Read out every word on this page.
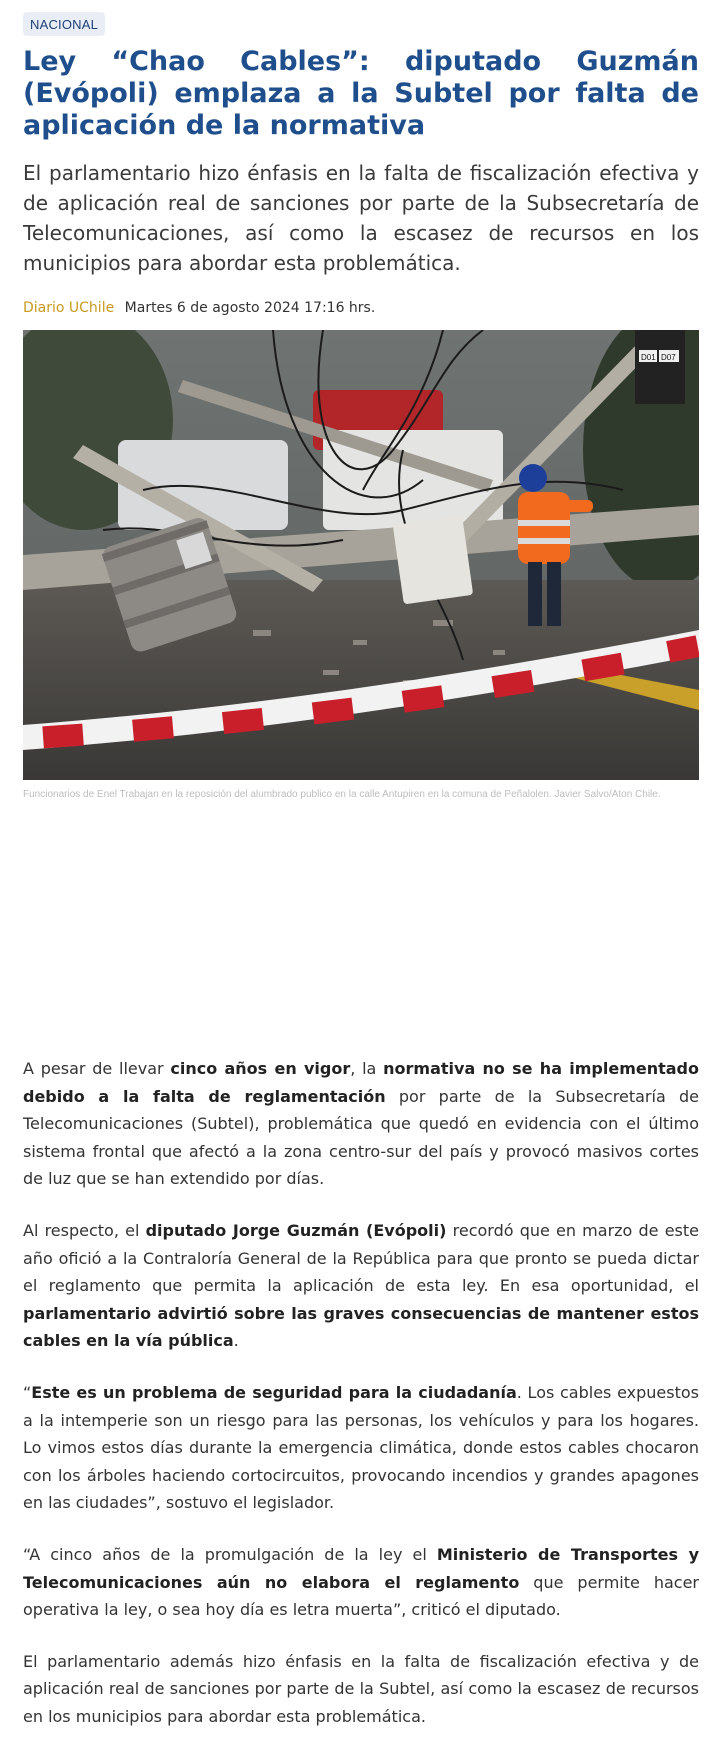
NACIONAL
Ley “Chao Cables”: diputado Guzmán (Evópoli) emplaza a la Subtel por falta de aplicación de la normativa

El parlamentario hizo énfasis en la falta de fiscalización efectiva y de aplicación real de sanciones por parte de la Subsecretaría de Telecomunicaciones, así como la escasez de recursos en los municipios para abordar esta problemática.

Diario UChile Martes 6 de agosto 2024 17:16 hrs.
D01 D07
Funcionarios de Enel Trabajan en la reposición del alumbrado publico en la calle Antupiren en la comuna de Peñalolen. Javier Salvo/Aton Chile.

A pesar de llevar cinco años en vigor, la normativa no se ha implementado debido a la falta de reglamentación por parte de la Subsecretaría de Telecomunicaciones (Subtel), problemática que quedó en evidencia con el último sistema frontal que afectó a la zona centro-sur del país y provocó masivos cortes de luz que se han extendido por días.

Al respecto, el diputado Jorge Guzmán (Evópoli) recordó que en marzo de este año ofició a la Contraloría General de la República para que pronto se pueda dictar el reglamento que permita la aplicación de esta ley. En esa oportunidad, el parlamentario advirtió sobre las graves consecuencias de mantener estos cables en la vía pública.

“Este es un problema de seguridad para la ciudadanía. Los cables expuestos a la intemperie son un riesgo para las personas, los vehículos y para los hogares. Lo vimos estos días durante la emergencia climática, donde estos cables chocaron con los árboles haciendo cortocircuitos, provocando incendios y grandes apagones en las ciudades”, sostuvo el legislador.

“A cinco años de la promulgación de la ley el Ministerio de Transportes y Telecomunicaciones aún no elabora el reglamento que permite hacer operativa la ley, o sea hoy día es letra muerta”, criticó el diputado.

El parlamentario además hizo énfasis en la falta de fiscalización efectiva y de aplicación real de sanciones por parte de la Subtel, así como la escasez de recursos en los municipios para abordar esta problemática.
